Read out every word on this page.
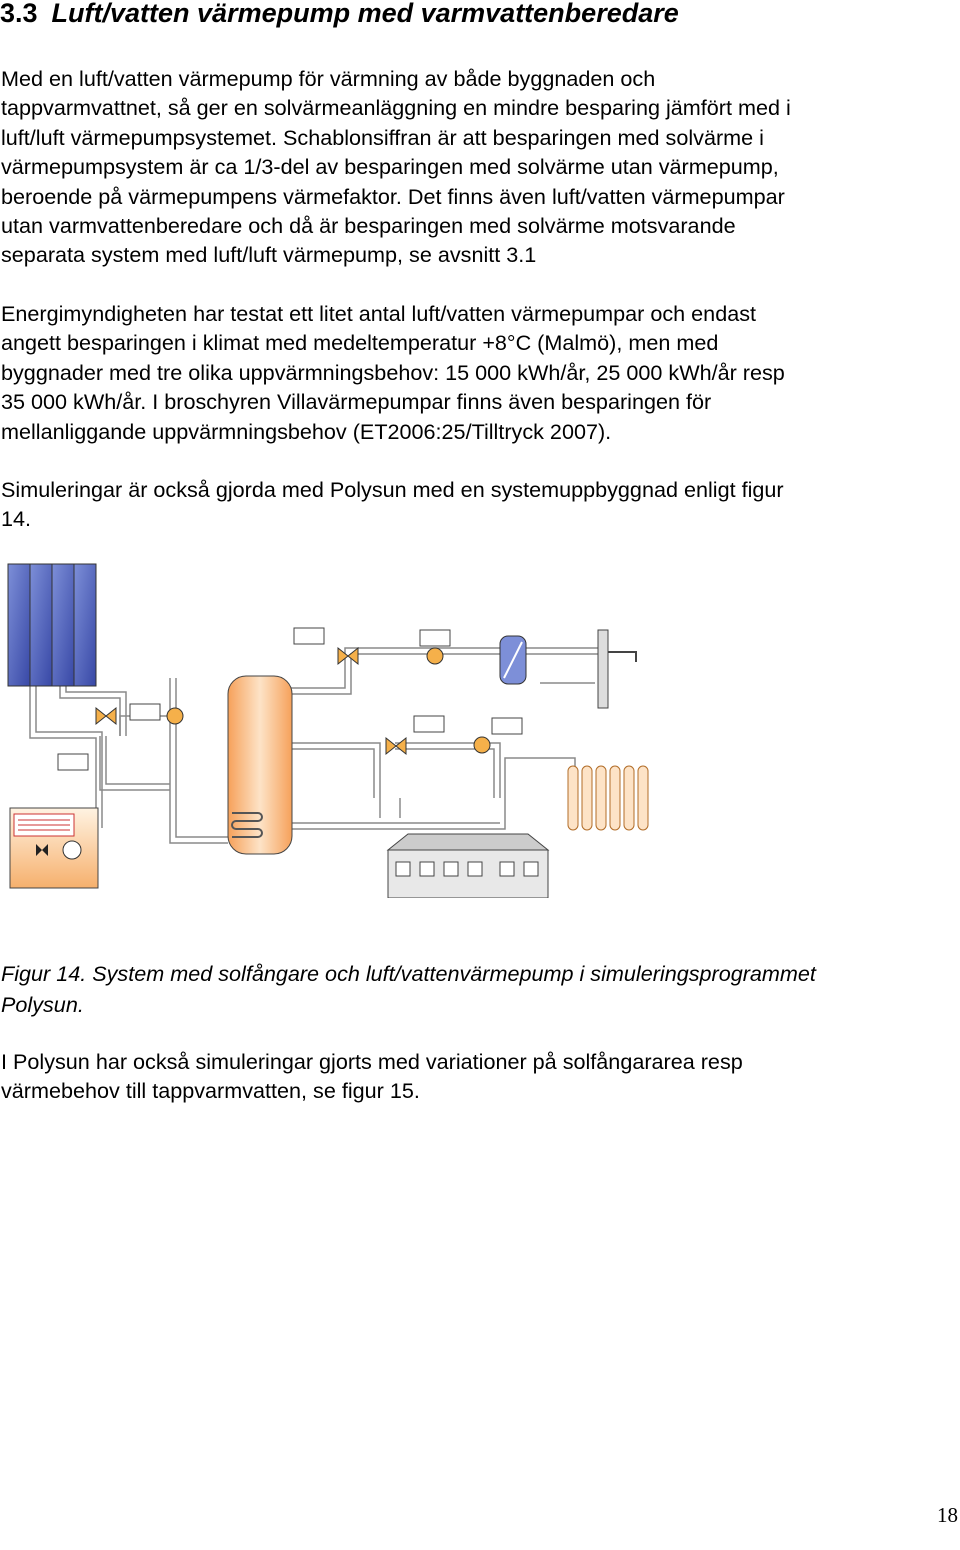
3.3 Luft/vatten värmepump med varmvattenberedare

Med en luft/vatten värmepump för värmning av både byggnaden och
tappvarmvattnet, så ger en solvärmeanläggning en mindre besparing jämfört med i
luft/luft värmepumpsystemet. Schablonsiffran är att besparingen med solvärme i
värmepumpsystem är ca 1/3-del av besparingen med solvärme utan värmepump,
beroende på värmepumpens värmefaktor. Det finns även luft/vatten värmepumpar
utan varmvattenberedare och då är besparingen med solvärme motsvarande
separata system med luft/luft värmepump, se avsnitt 3.1

Energimyndigheten har testat ett litet antal luft/vatten värmepumpar och endast
angett besparingen i klimat med medeltemperatur +8°C (Malmö), men med
byggnader med tre olika uppvärmningsbehov: 15 000 kWh/år, 25 000 kWh/år resp
35 000 kWh/år. I broschyren Villavärmepumpar finns även besparingen för
mellanliggande uppvärmningsbehov (ET2006:25/Tilltryck 2007).

Simuleringar är också gjorda med Polysun med en systemuppbyggnad enligt figur
14.

Figur 14. System med solfångare och luft/vattenvärmepump i simuleringsprogrammet
Polysun.

I Polysun har också simuleringar gjorts med variationer på solfångararea resp
värmebehov till tappvarmvatten, se figur 15.

18
